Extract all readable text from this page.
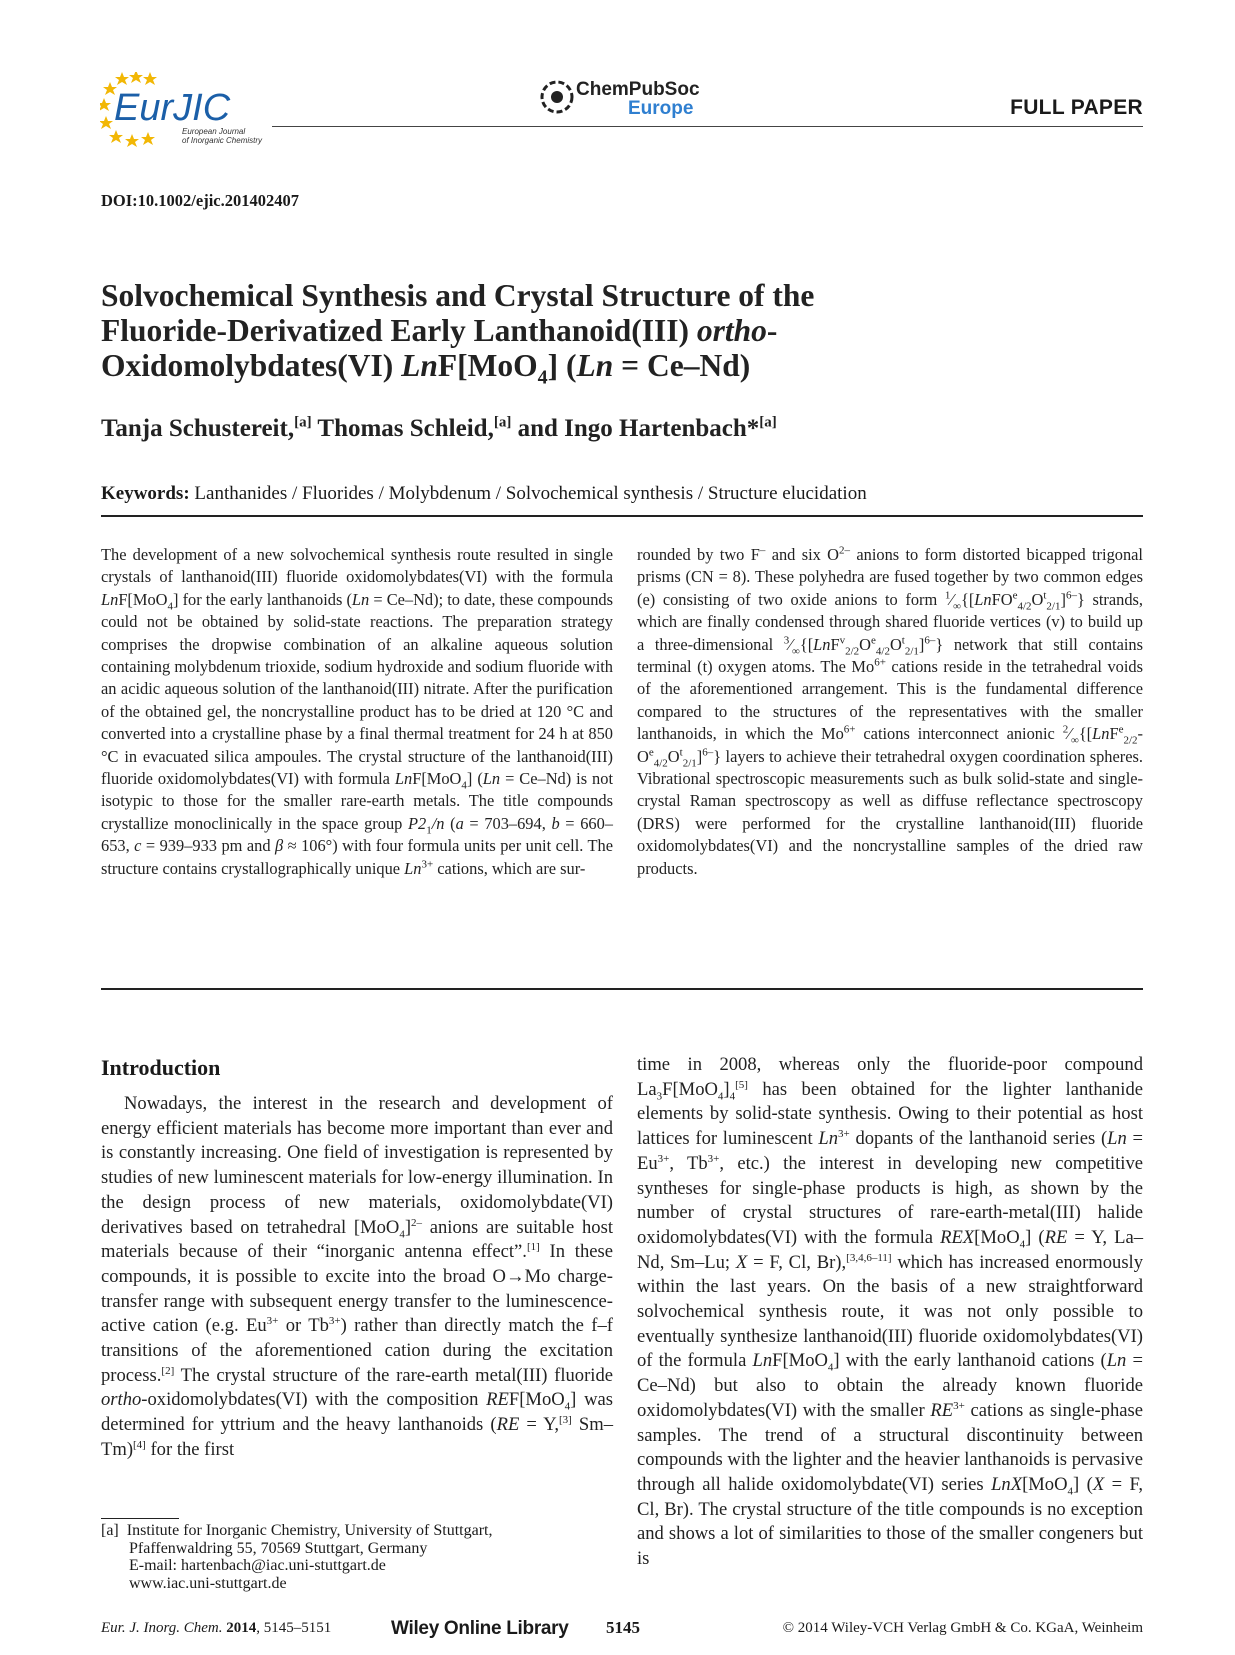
EurJIC
European Journal
of Inorganic Chemistry
ChemPubSoc
Europe	FULL PAPER
DOI:10.1002/ejic.201402407
Solvochemical Synthesis and Crystal Structure of the
Fluoride-Derivatized Early Lanthanoid(III) ortho-
Oxidomolybdates(VI) LnF[MoO$_4$] (Ln = Ce–Nd)
Tanja Schustereit,[a] Thomas Schleid,[a] and Ingo Hartenbach*[a]
Keywords: Lanthanides / Fluorides / Molybdenum / Solvochemical synthesis / Structure elucidation
The development of a new solvochemical synthesis route resulted in single crystals of lanthanoid(III) fluoride oxidomolybdates(VI) with the formula LnF[MoO$_4$] for the early lanthanoids (Ln = Ce–Nd); to date, these compounds could not be obtained by solid-state reactions. The preparation strategy comprises the dropwise combination of an alkaline aqueous solution containing molybdenum trioxide, sodium hydroxide and sodium fluoride with an acidic aqueous solution of the lanthanoid(III) nitrate. After the purification of the obtained gel, the noncrystalline product has to be dried at 120 °C and converted into a crystalline phase by a final thermal treatment for 24 h at 850 °C in evacuated silica ampoules. The crystal structure of the lanthanoid(III) fluoride oxidomolybdates(VI) with formula LnF[MoO$_4$] (Ln = Ce–Nd) is not isotypic to those for the smaller rare-earth metals. The title compounds crystallize monoclinically in the space group $P2_1/n$ (a = 703–694, b = 660–653, c = 939–933 pm and β ≈ 106°) with four formula units per unit cell. The structure contains crystallographically unique $Ln^{3+}$ cations, which are sur-
rounded by two F– and six $O^{2-}$ anions to form distorted bicapped trigonal prisms (CN = 8). These polyhedra are fused together by two common edges (e) consisting of two oxide anions to form $^1⁄_\infty\{[LnFO^e_{4/2}O^t_{2/1}]^{6-}\}$ strands, which are finally condensed through shared fluoride vertices (v) to build up a three-dimensional $^3⁄_\infty\{[LnF^v_{2/2}O^e_{4/2}O^t_{2/1}]^{6-}\}$ network that still contains terminal (t) oxygen atoms. The $Mo^{6+}$ cations reside in the tetrahedral voids of the aforementioned arrangement. This is the fundamental difference compared to the structures of the representatives with the smaller lanthanoids, in which the $Mo^{6+}$ cations interconnect anionic $^2⁄_\infty\{[LnF^e_{2/2}-O^e_{4/2}O^t_{2/1}]^{6-}\}$ layers to achieve their tetrahedral oxygen coordination spheres. Vibrational spectroscopic measurements such as bulk solid-state and single-crystal Raman spectroscopy as well as diffuse reflectance spectroscopy (DRS) were performed for the crystalline lanthanoid(III) fluoride oxidomolybdates(VI) and the noncrystalline samples of the dried raw products.
Introduction
Nowadays, the interest in the research and development of energy efficient materials has become more important than ever and is constantly increasing. One field of investigation is represented by studies of new luminescent materials for low-energy illumination. In the design process of new materials, oxidomolybdate(VI) derivatives based on tetrahedral $[MoO_4]^{2-}$ anions are suitable host materials because of their “inorganic antenna effect”.[1] In these compounds, it is possible to excite into the broad O→Mo charge-transfer range with subsequent energy transfer to the luminescence-active cation (e.g. $Eu^{3+}$ or $Tb^{3+}$) rather than directly match the f–f transitions of the aforementioned cation during the excitation process.[2] The crystal structure of the rare-earth metal(III) fluoride ortho-oxidomolybdates(VI) with the composition REF[MoO$_4$] was determined for yttrium and the heavy lanthanoids (RE = Y,[3] Sm–Tm)[4] for the first
time in 2008, whereas only the fluoride-poor compound $La_3F[MoO_4]_4[5]$ has been obtained for the lighter lanthanide elements by solid-state synthesis. Owing to their potential as host lattices for luminescent $Ln^{3+}$ dopants of the lanthanoid series ($Ln = Eu^{3+}$, $Tb^{3+}$, etc.) the interest in developing new competitive syntheses for single-phase products is high, as shown by the number of crystal structures of rare-earth-metal(III) halide oxidomolybdates(VI) with the formula REX[MoO$_4$] (RE = Y, La–Nd, Sm–Lu; X = F, Cl, Br),[3,4,6–11] which has increased enormously within the last years. On the basis of a new straightforward solvochemical synthesis route, it was not only possible to eventually synthesize lanthanoid(III) fluoride oxidomolybdates(VI) of the formula LnF[MoO$_4$] with the early lanthanoid cations (Ln = Ce–Nd) but also to obtain the already known fluoride oxidomolybdates(VI) with the smaller $RE^{3+}$ cations as single-phase samples. The trend of a structural discontinuity between compounds with the lighter and the heavier lanthanoids is pervasive through all halide oxidomolybdate(VI) series LnX[MoO$_4$] (X = F, Cl, Br). The crystal structure of the title compounds is no exception and shows a lot of similarities to those of the smaller congeners but is
[a] Institute for Inorganic Chemistry, University of Stuttgart,
Pfaffenwaldring 55, 70569 Stuttgart, Germany
E-mail: hartenbach@iac.uni-stuttgart.de
www.iac.uni-stuttgart.de
Eur. J. Inorg. Chem. 2014, 5145–5151	Wiley Online Library 5145	© 2014 Wiley-VCH Verlag GmbH & Co. KGaA, Weinheim
